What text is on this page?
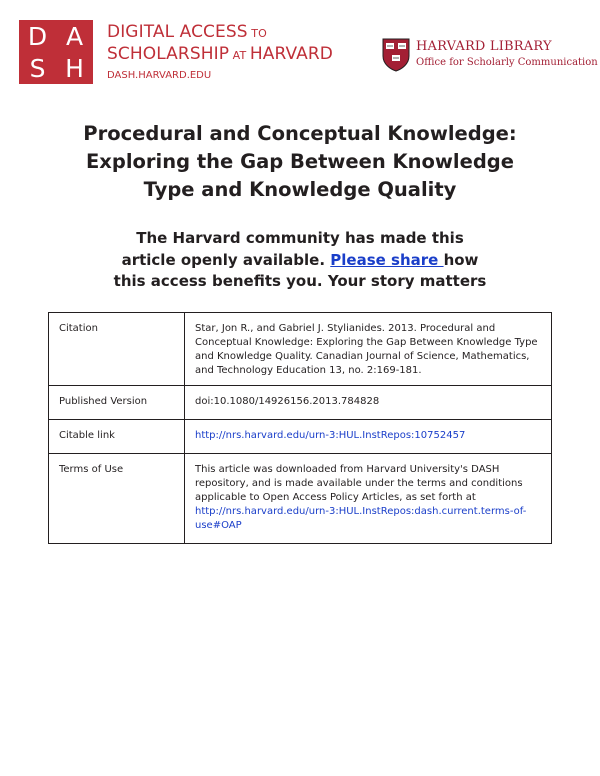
D A
S H
DIGITAL ACCESS TO
SCHOLARSHIP AT HARVARD
DASH.HARVARD.EDU
HARVARD LIBRARY
Office for Scholarly Communication
Procedural and Conceptual Knowledge:
Exploring the Gap Between Knowledge
Type and Knowledge Quality
The Harvard community has made this
article openly available. Please share how
this access benefits you. Your story matters
Citation	Star, Jon R., and Gabriel J. Stylianides. 2013. Procedural and Conceptual Knowledge: Exploring the Gap Between Knowledge Type and Knowledge Quality. Canadian Journal of Science, Mathematics, and Technology Education 13, no. 2:169-181.
Published Version	doi:10.1080/14926156.2013.784828
Citable link	http://nrs.harvard.edu/urn-3:HUL.InstRepos:10752457
Terms of Use	This article was downloaded from Harvard University's DASH repository, and is made available under the terms and conditions applicable to Open Access Policy Articles, as set forth at http://nrs.harvard.edu/urn-3:HUL.InstRepos:dash.current.terms-of-use#OAP
